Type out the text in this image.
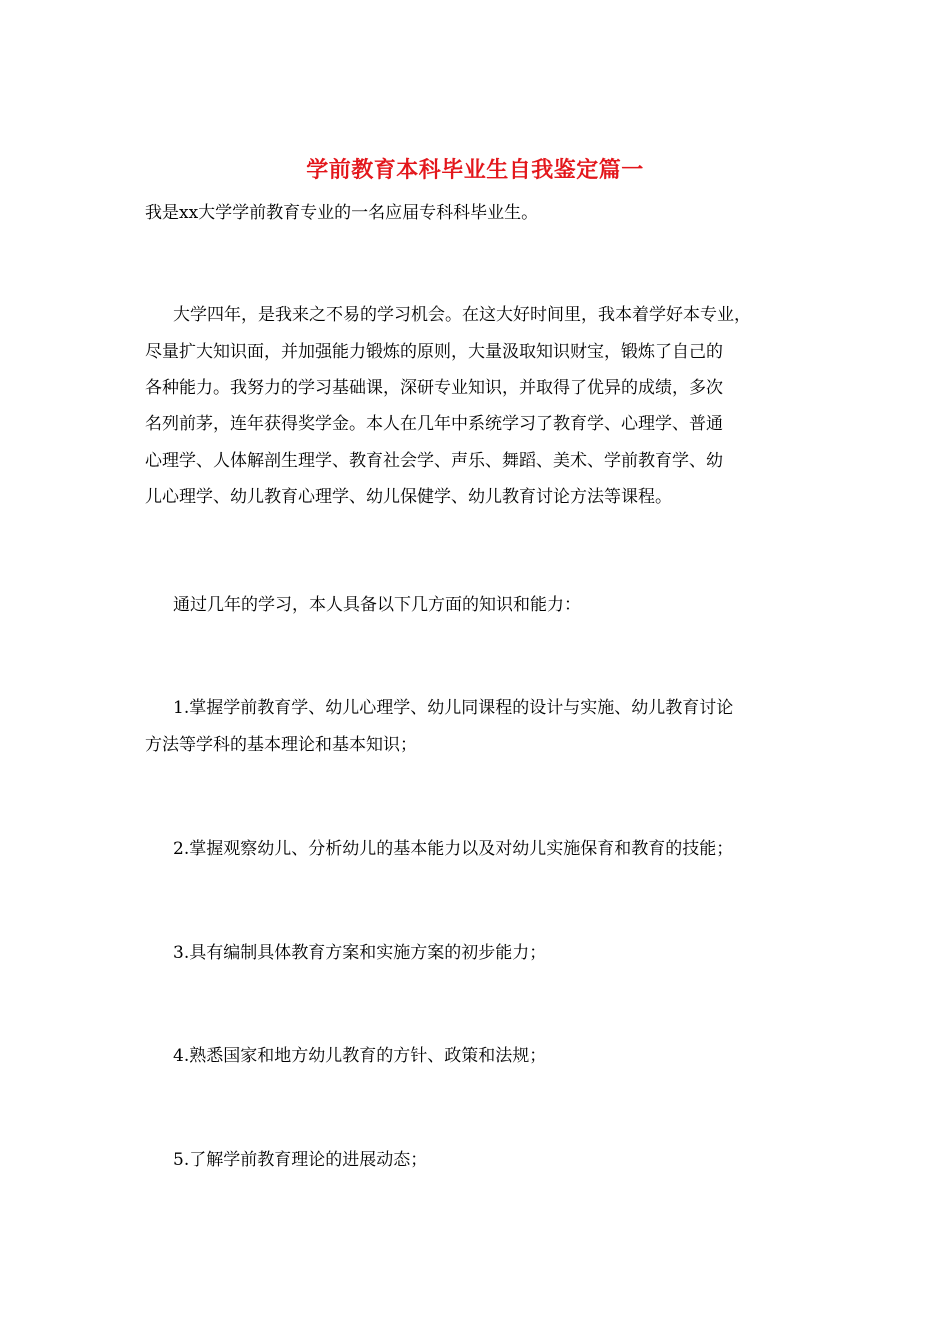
学前教育本科毕业生自我鉴定篇一
我是xx大学学前教育专业的一名应届专科科毕业生。
大学四年，是我来之不易的学习机会。在这大好时间里，我本着学好本专业，
尽量扩大知识面，并加强能力锻炼的原则，大量汲取知识财宝，锻炼了自己的
各种能力。我努力的学习基础课，深研专业知识，并取得了优异的成绩，多次
名列前茅，连年获得奖学金。本人在几年中系统学习了教育学、心理学、普通
心理学、人体解剖生理学、教育社会学、声乐、舞蹈、美术、学前教育学、幼
儿心理学、幼儿教育心理学、幼儿保健学、幼儿教育讨论方法等课程。
通过几年的学习，本人具备以下几方面的知识和能力：
1.掌握学前教育学、幼儿心理学、幼儿同课程的设计与实施、幼儿教育讨论
方法等学科的基本理论和基本知识；
2.掌握观察幼儿、分析幼儿的基本能力以及对幼儿实施保育和教育的技能；
3.具有编制具体教育方案和实施方案的初步能力；
4.熟悉国家和地方幼儿教育的方针、政策和法规；
5.了解学前教育理论的进展动态；
